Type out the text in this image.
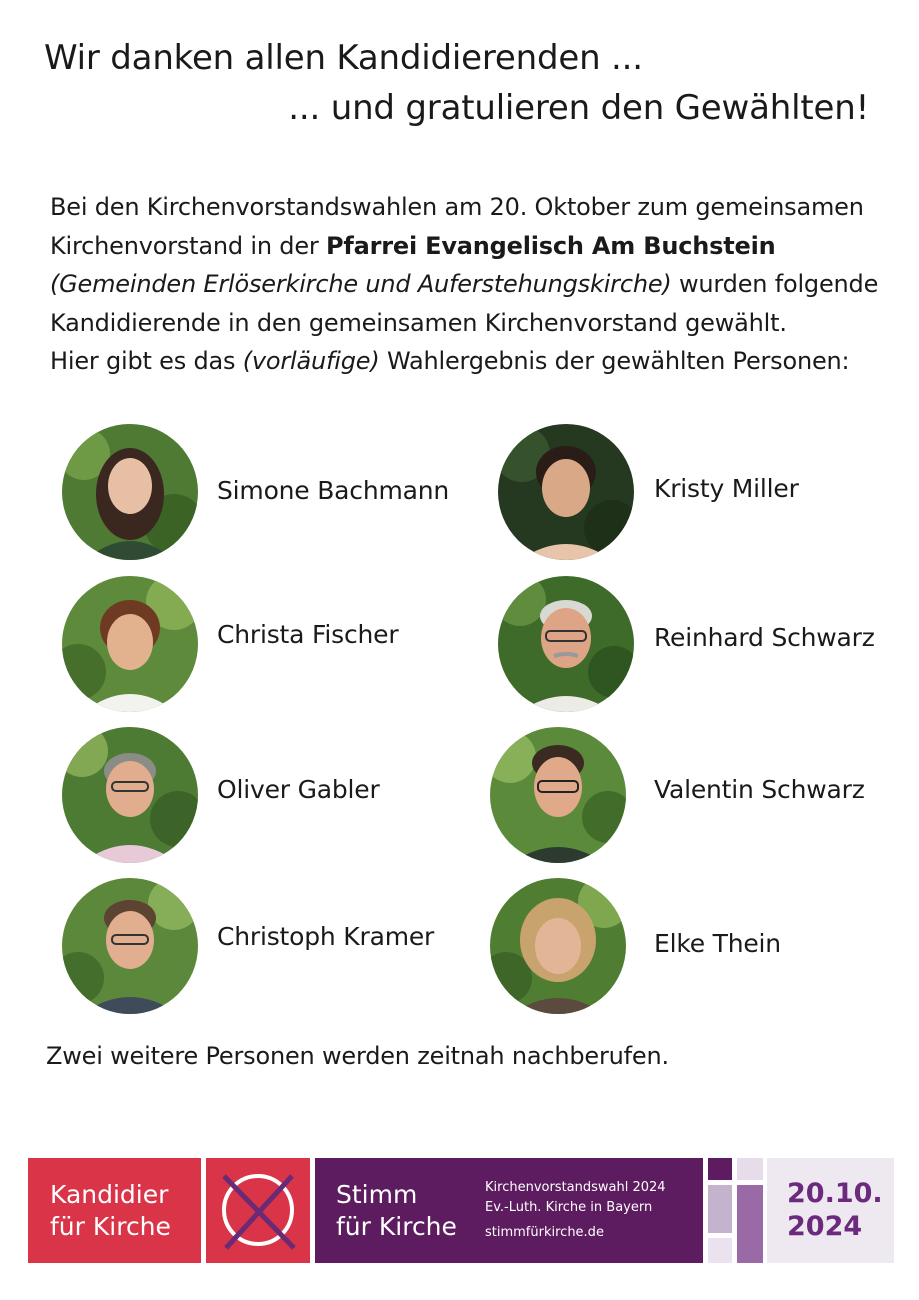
Wir danken allen Kandidierenden ...
... und gratulieren den Gewählten!
Bei den Kirchenvorstandswahlen am 20. Oktober zum gemeinsamen Kirchenvorstand in der Pfarrei Evangelisch Am Buchstein (Gemeinden Erlöserkirche und Auferstehungskirche) wurden folgende Kandidierende in den gemeinsamen Kirchenvorstand gewählt.
Hier gibt es das (vorläufige) Wahlergebnis der gewählten Personen:
Simone Bachmann
Christa Fischer
Oliver Gabler
Christoph Kramer
Kristy Miller
Reinhard Schwarz
Valentin Schwarz
Elke Thein
Zwei weitere Personen werden zeitnah nachberufen.
Kandidier
für Kirche
Stimm
für Kirche
Kirchenvorstandswahl 2024
Ev.-Luth. Kirche in Bayern
stimmfürkirche.de
20.10.
2024
